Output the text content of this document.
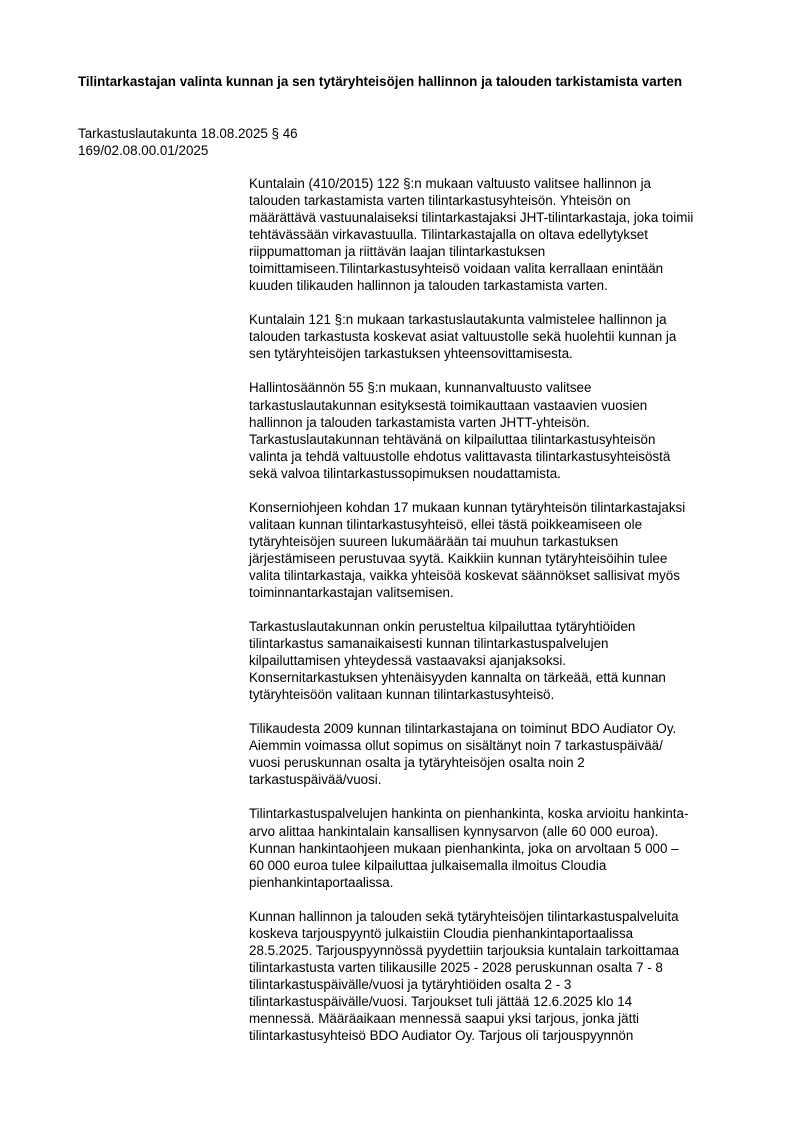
Tilintarkastajan valinta kunnan ja sen tytäryhteisöjen hallinnon ja talouden tarkistamista varten
Tarkastuslautakunta 18.08.2025 § 46
169/02.08.00.01/2025

Kuntalain (410/2015) 122 §:n mukaan valtuusto valitsee hallinnon ja
talouden tarkastamista varten tilintarkastusyhteisön. Yhteisön on
määrättävä vastuunalaiseksi tilintarkastajaksi JHT-tilintarkastaja, joka toimii
tehtävässään virkavastuulla. Tilintarkastajalla on oltava edellytykset
riippumattoman ja riittävän laajan tilintarkastuksen
toimittamiseen.Tilintarkastusyhteisö voidaan valita kerrallaan enintään
kuuden tilikauden hallinnon ja talouden tarkastamista varten.

Kuntalain 121 §:n mukaan tarkastuslautakunta valmistelee hallinnon ja
talouden tarkastusta koskevat asiat valtuustolle sekä huolehtii kunnan ja
sen tytäryhteisöjen tarkastuksen yhteensovittamisesta.

Hallintosäännön 55 §:n mukaan, kunnanvaltuusto valitsee
tarkastuslautakunnan esityksestä toimikauttaan vastaavien vuosien
hallinnon ja talouden tarkastamista varten JHTT-yhteisön.
Tarkastuslautakunnan tehtävänä on kilpailuttaa tilintarkastusyhteisön
valinta ja tehdä valtuustolle ehdotus valittavasta tilintarkastusyhteisöstä
sekä valvoa tilintarkastussopimuksen noudattamista.

Konserniohjeen kohdan 17 mukaan kunnan tytäryhteisön tilintarkastajaksi
valitaan kunnan tilintarkastusyhteisö, ellei tästä poikkeamiseen ole
tytäryhteisöjen suureen lukumäärään tai muuhun tarkastuksen
järjestämiseen perustuvaa syytä. Kaikkiin kunnan tytäryhteisöihin tulee
valita tilintarkastaja, vaikka yhteisöä koskevat säännökset sallisivat myös
toiminnantarkastajan valitsemisen.

Tarkastuslautakunnan onkin perusteltua kilpailuttaa tytäryhtiöiden
tilintarkastus samanaikaisesti kunnan tilintarkastuspalvelujen
kilpailuttamisen yhteydessä vastaavaksi ajanjaksoksi.
Konsernitarkastuksen yhtenäisyyden kannalta on tärkeää, että kunnan
tytäryhteisöön valitaan kunnan tilintarkastusyhteisö.

Tilikaudesta 2009 kunnan tilintarkastajana on toiminut BDO Audiator Oy.
Aiemmin voimassa ollut sopimus on sisältänyt noin 7 tarkastuspäivää/
vuosi peruskunnan osalta ja tytäryhteisöjen osalta noin 2
tarkastuspäivää/vuosi.

Tilintarkastuspalvelujen hankinta on pienhankinta, koska arvioitu hankinta-
arvo alittaa hankintalain kansallisen kynnysarvon (alle 60 000 euroa).
Kunnan hankintaohjeen mukaan pienhankinta, joka on arvoltaan 5 000 –
60 000 euroa tulee kilpailuttaa julkaisemalla ilmoitus Cloudia
pienhankintaportaalissa.

Kunnan hallinnon ja talouden sekä tytäryhteisöjen tilintarkastuspalveluita
koskeva tarjouspyyntö julkaistiin Cloudia pienhankintaportaalissa
28.5.2025. Tarjouspyynnössä pyydettiin tarjouksia kuntalain tarkoittamaa
tilintarkastusta varten tilikausille 2025 - 2028 peruskunnan osalta 7 - 8
tilintarkastuspäivälle/vuosi ja tytäryhtiöiden osalta 2 - 3
tilintarkastuspäivälle/vuosi. Tarjoukset tuli jättää 12.6.2025 klo 14
mennessä. Määräaikaan mennessä saapui yksi tarjous, jonka jätti
tilintarkastusyhteisö BDO Audiator Oy. Tarjous oli tarjouspyynnön
